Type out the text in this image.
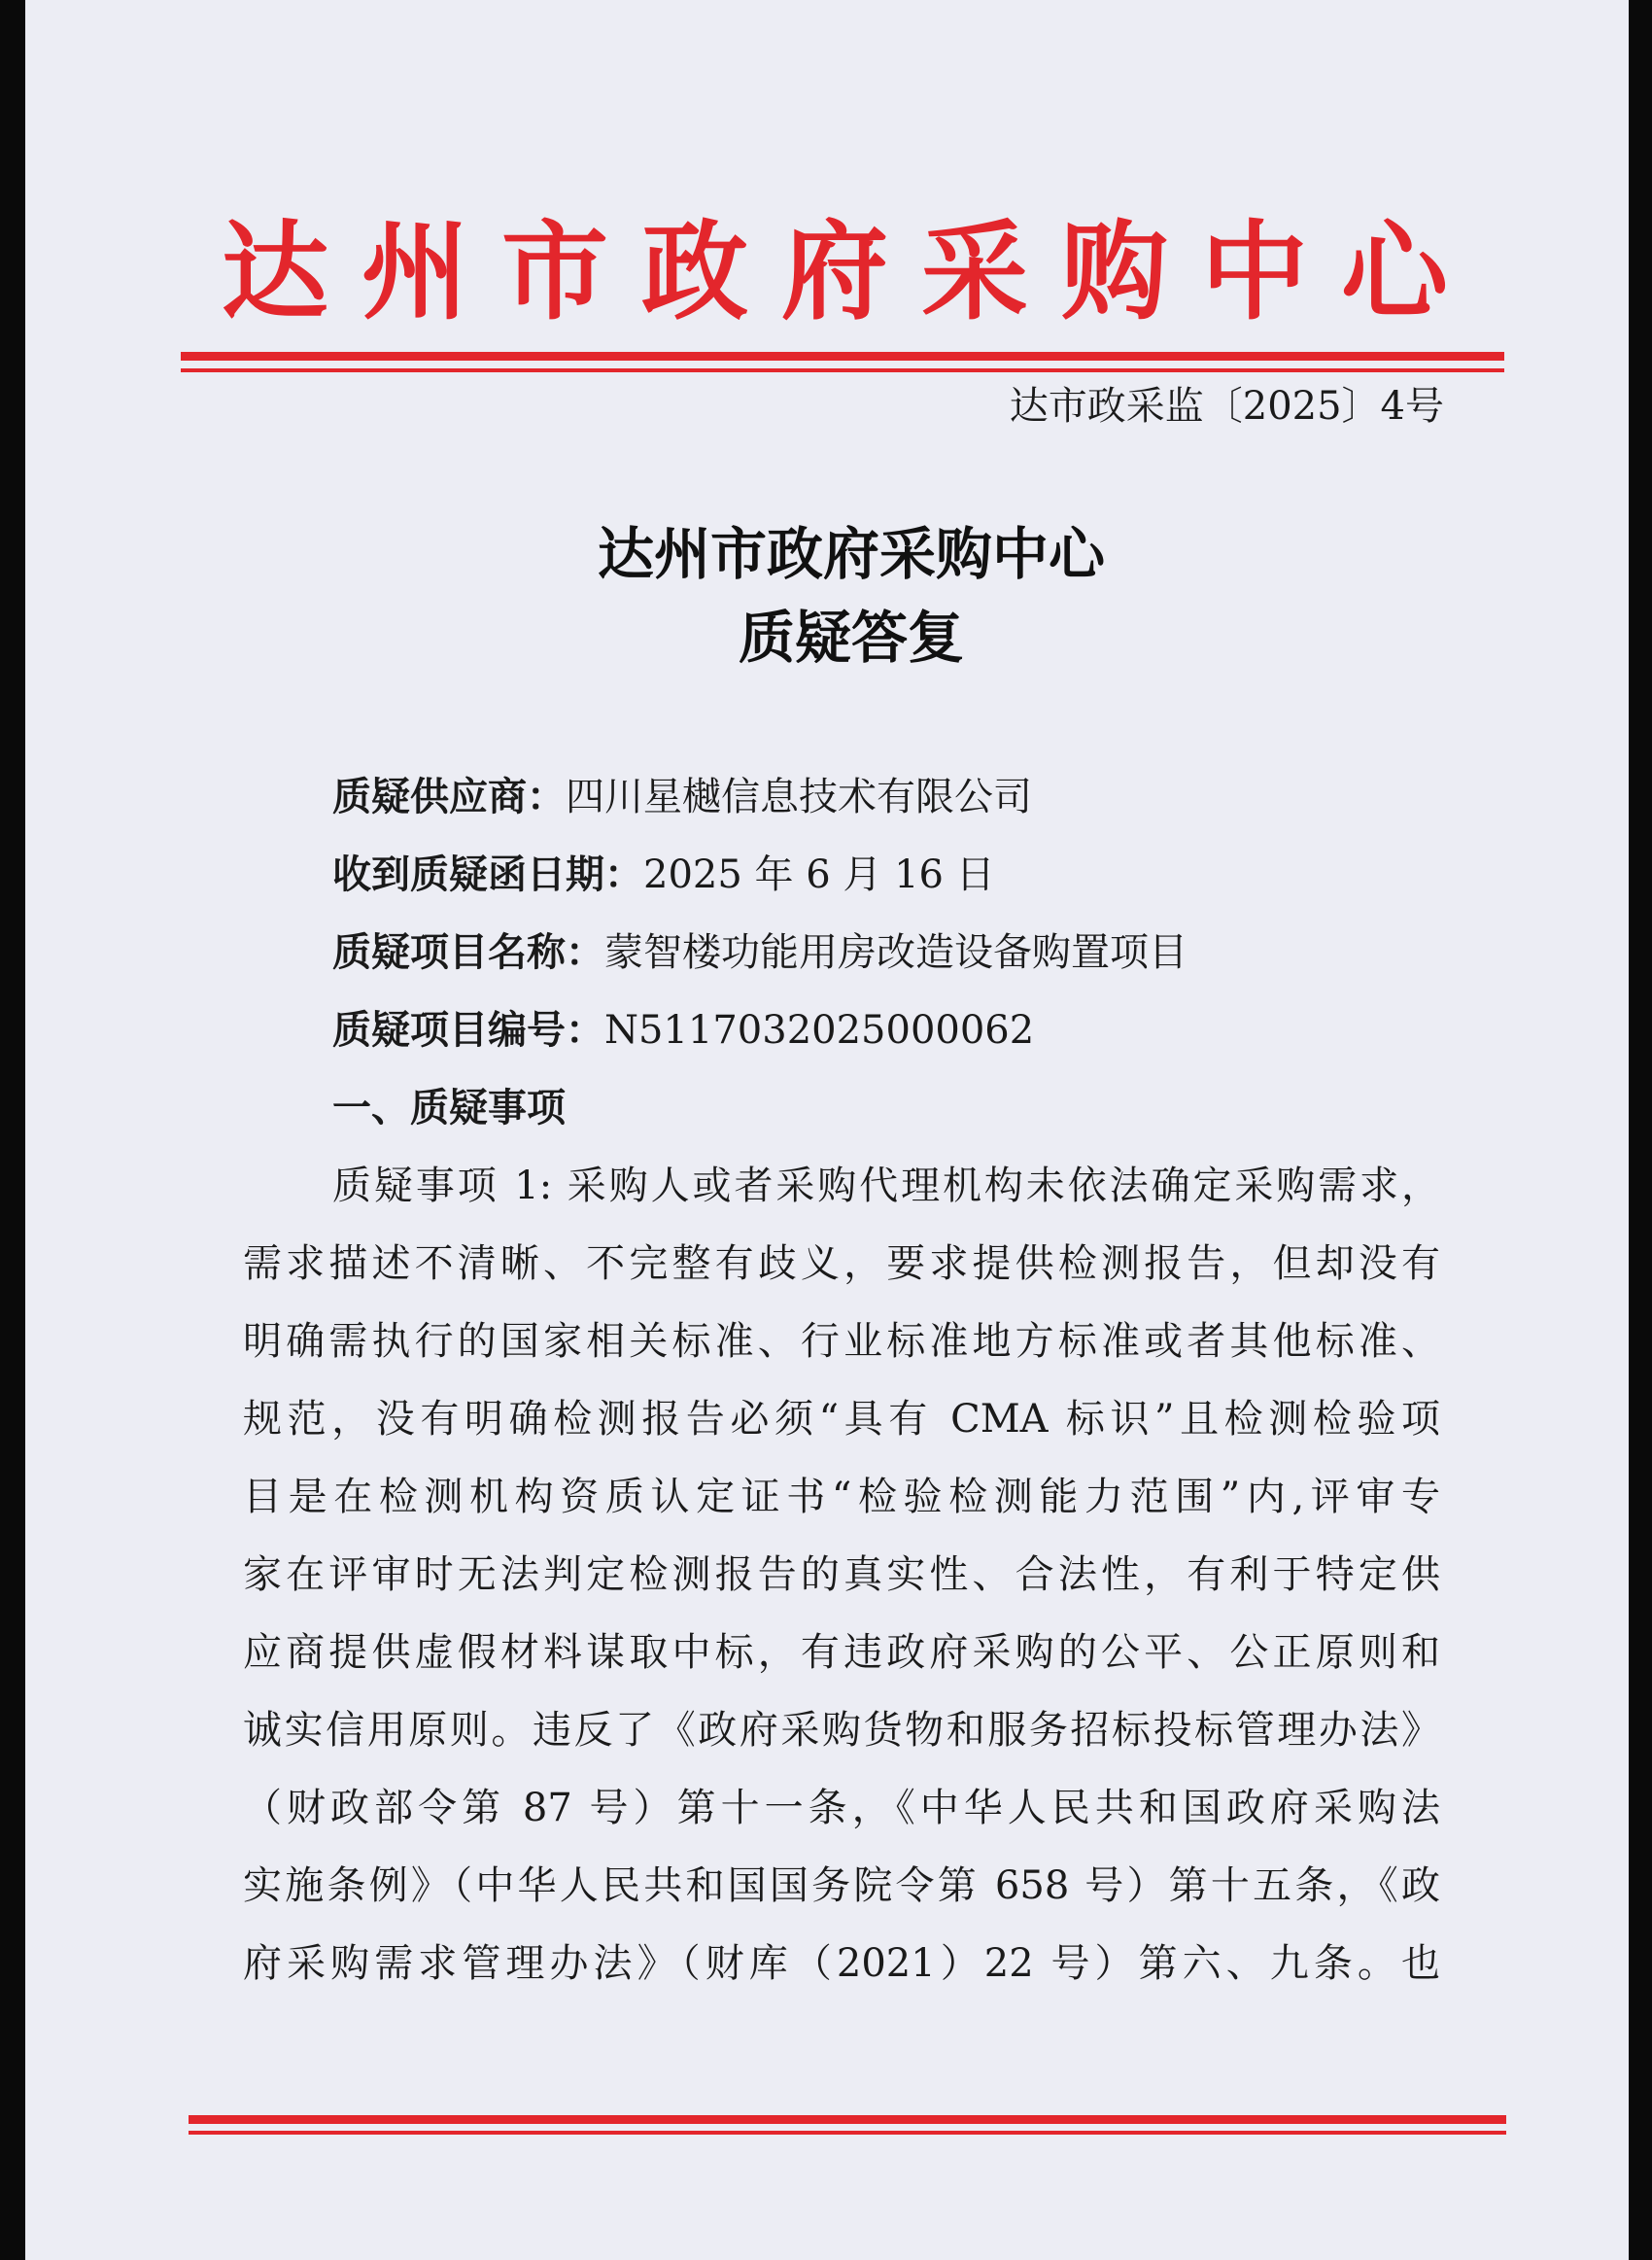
达州市政府采购中心
达市政采监〔2025〕4号
达州市政府采购中心
质疑答复
质疑供应商：四川星樾信息技术有限公司
收到质疑函日期：2025 年 6 月 16 日
质疑项目名称：蒙智楼功能用房改造设备购置项目
质疑项目编号：N5117032025000062
一、质疑事项
质疑事项 1: 采购人或者采购代理机构未依法确定采购需求，
需求描述不清晰、不完整有歧义，要求提供检测报告，但却没有
明确需执行的国家相关标准、行业标准地方标准或者其他标准、
规范，没有明确检测报告必须“具有 CMA 标识”且检测检验项
目是在检测机构资质认定证书“检验检测能力范围”内,评审专
家在评审时无法判定检测报告的真实性、合法性，有利于特定供
应商提供虚假材料谋取中标，有违政府采购的公平、公正原则和
诚实信用原则。违反了《政府采购货物和服务招标投标管理办法》
（财政部令第 87 号）第十一条，《中华人民共和国政府采购法
实施条例》（中华人民共和国国务院令第 658 号）第十五条，《政
府采购需求管理办法》（财库（2021）22 号）第六、九条。也
